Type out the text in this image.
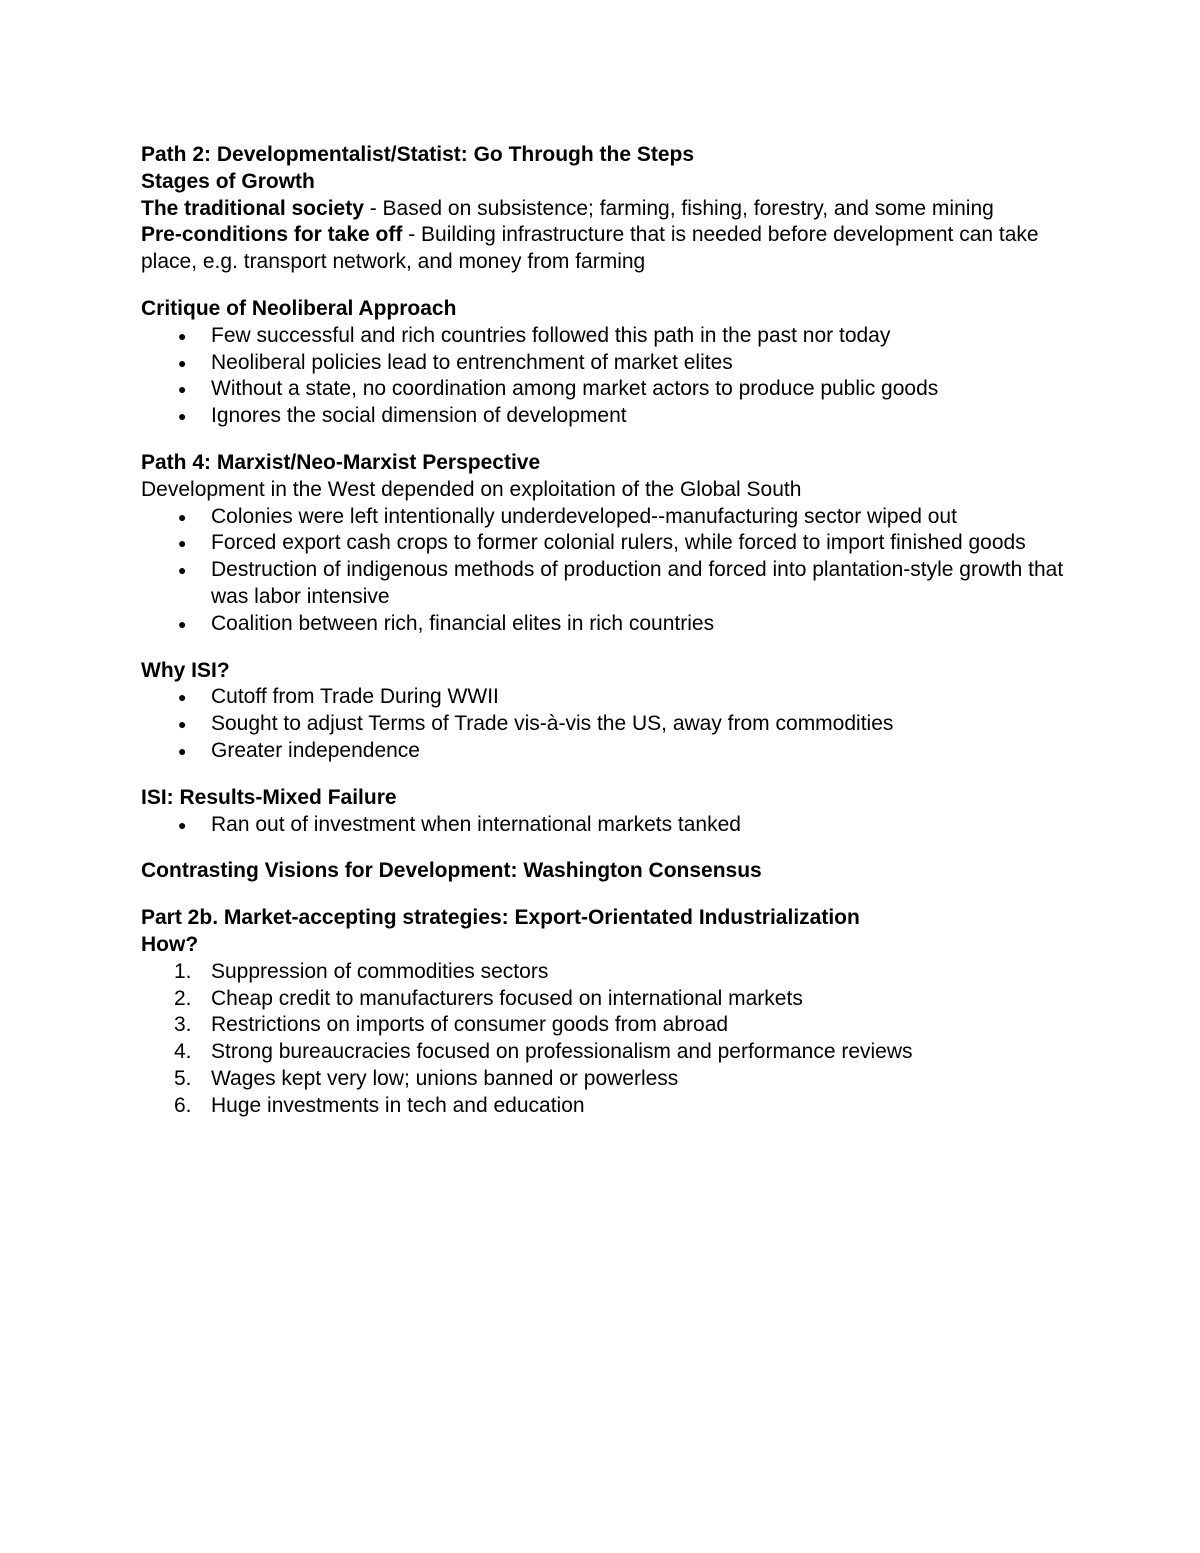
Path 2: Developmentalist/Statist: Go Through the Steps

Stages of Growth

The traditional society - Based on subsistence; farming, fishing, forestry, and some mining

Pre-conditions for take off - Building infrastructure that is needed before development can take place, e.g. transport network, and money from farming

Critique of Neoliberal Approach

●	Few successful and rich countries followed this path in the past nor today
●	Neoliberal policies lead to entrenchment of market elites
●	Without a state, no coordination among market actors to produce public goods
●	Ignores the social dimension of development

Path 4: Marxist/Neo-Marxist Perspective

Development in the West depended on exploitation of the Global South

●	Colonies were left intentionally underdeveloped--manufacturing sector wiped out
●	Forced export cash crops to former colonial rulers, while forced to import finished goods
●	Destruction of indigenous methods of production and forced into plantation-style growth that was labor intensive
●	Coalition between rich, financial elites in rich countries

Why ISI?

●	Cutoff from Trade During WWII
●	Sought to adjust Terms of Trade vis-à-vis the US, away from commodities
●	Greater independence

ISI: Results-Mixed Failure

●	Ran out of investment when international markets tanked

Contrasting Visions for Development: Washington Consensus

Part 2b. Market-accepting strategies: Export-Orientated Industrialization

How?

1. Suppression of commodities sectors
2. Cheap credit to manufacturers focused on international markets
3. Restrictions on imports of consumer goods from abroad
4. Strong bureaucracies focused on professionalism and performance reviews
5. Wages kept very low; unions banned or powerless
6. Huge investments in tech and education
